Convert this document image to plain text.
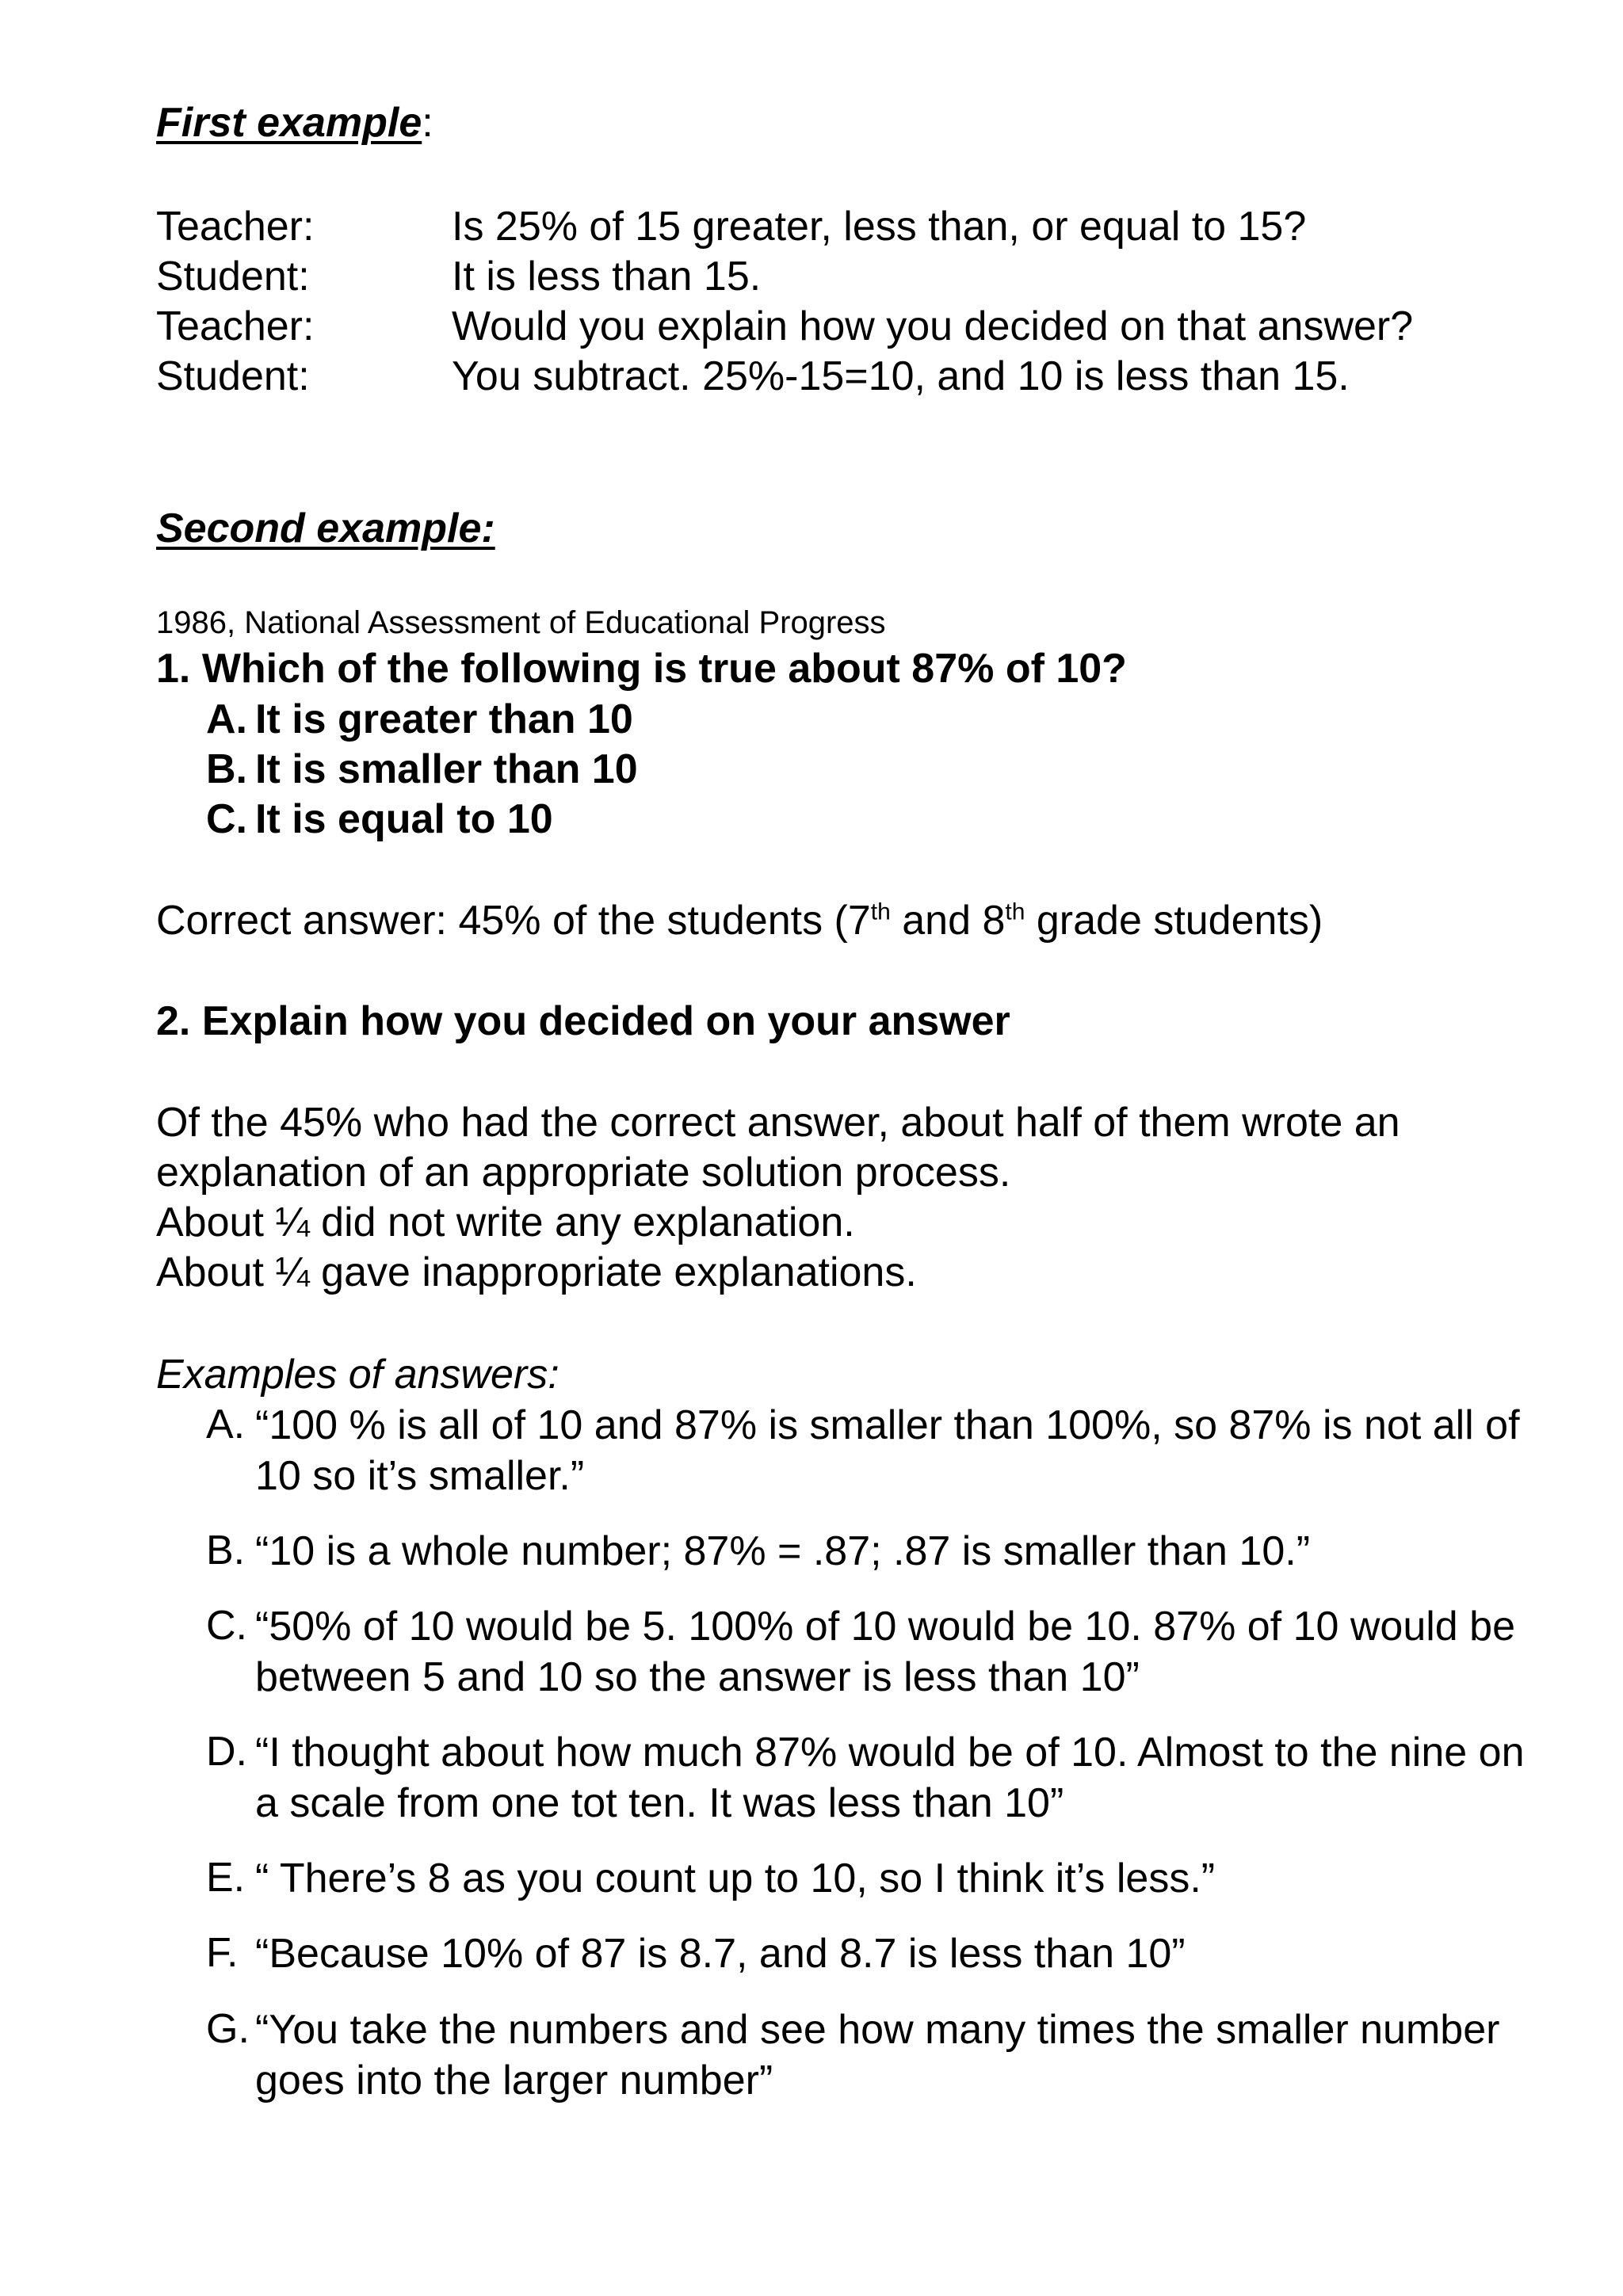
First example:
Teacher:	Is 25% of 15 greater, less than, or equal to 15?
Student:	It is less than 15.
Teacher:	Would you explain how you decided on that answer?
Student:	You subtract. 25%-15=10, and 10 is less than 15.
Second example:
1986, National Assessment of Educational Progress
1. Which of the following is true about 87% of 10?
A. It is greater than 10
B. It is smaller than 10
C. It is equal to 10
Correct answer: 45% of the students (7th and 8th grade students)
2. Explain how you decided on your answer
Of the 45% who had the correct answer, about half of them wrote an
explanation of an appropriate solution process.
About ¼ did not write any explanation.
About ¼ gave inappropriate explanations.
Examples of answers:
A. “100 % is all of 10 and 87% is smaller than 100%, so 87% is not all of 10 so it’s smaller.”
B. “10 is a whole number; 87% = .87; .87 is smaller than 10.”
C. “50% of 10 would be 5. 100% of 10 would be 10. 87% of 10 would be between 5 and 10 so the answer is less than 10”
D. “I thought about how much 87% would be of 10. Almost to the nine on a scale from one tot ten. It was less than 10”
E. “ There’s 8 as you count up to 10, so I think it’s less.”
F. “Because 10% of 87 is 8.7, and 8.7 is less than 10”
G. “You take the numbers and see how many times the smaller number goes into the larger number”
